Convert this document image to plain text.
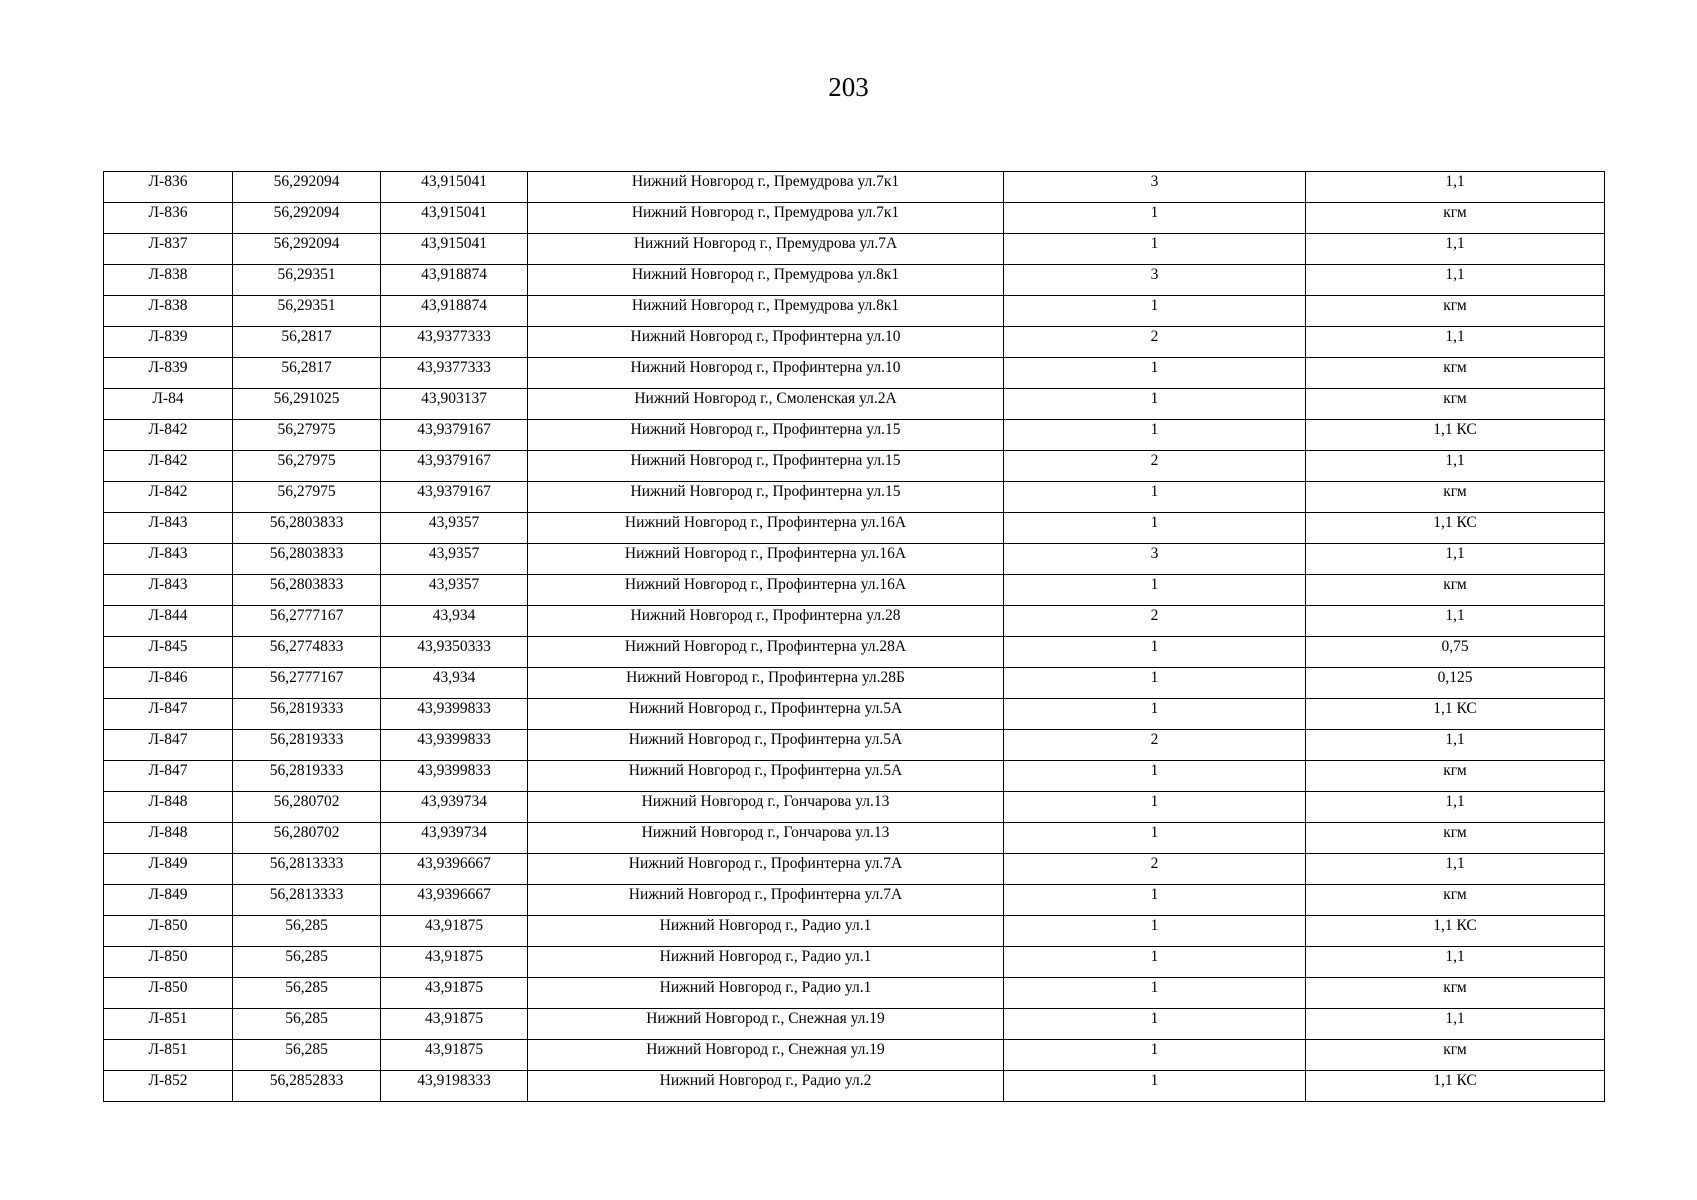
203
Л-836	56,292094	43,915041	Нижний Новгород г., Премудрова ул.7к1	3	1,1
Л-836	56,292094	43,915041	Нижний Новгород г., Премудрова ул.7к1	1	кгм
Л-837	56,292094	43,915041	Нижний Новгород г., Премудрова ул.7А	1	1,1
Л-838	56,29351	43,918874	Нижний Новгород г., Премудрова ул.8к1	3	1,1
Л-838	56,29351	43,918874	Нижний Новгород г., Премудрова ул.8к1	1	кгм
Л-839	56,2817	43,9377333	Нижний Новгород г., Профинтерна ул.10	2	1,1
Л-839	56,2817	43,9377333	Нижний Новгород г., Профинтерна ул.10	1	кгм
Л-84	56,291025	43,903137	Нижний Новгород г., Смоленская ул.2А	1	кгм
Л-842	56,27975	43,9379167	Нижний Новгород г., Профинтерна ул.15	1	1,1 КС
Л-842	56,27975	43,9379167	Нижний Новгород г., Профинтерна ул.15	2	1,1
Л-842	56,27975	43,9379167	Нижний Новгород г., Профинтерна ул.15	1	кгм
Л-843	56,2803833	43,9357	Нижний Новгород г., Профинтерна ул.16А	1	1,1 КС
Л-843	56,2803833	43,9357	Нижний Новгород г., Профинтерна ул.16А	3	1,1
Л-843	56,2803833	43,9357	Нижний Новгород г., Профинтерна ул.16А	1	кгм
Л-844	56,2777167	43,934	Нижний Новгород г., Профинтерна ул.28	2	1,1
Л-845	56,2774833	43,9350333	Нижний Новгород г., Профинтерна ул.28А	1	0,75
Л-846	56,2777167	43,934	Нижний Новгород г., Профинтерна ул.28Б	1	0,125
Л-847	56,2819333	43,9399833	Нижний Новгород г., Профинтерна ул.5А	1	1,1 КС
Л-847	56,2819333	43,9399833	Нижний Новгород г., Профинтерна ул.5А	2	1,1
Л-847	56,2819333	43,9399833	Нижний Новгород г., Профинтерна ул.5А	1	кгм
Л-848	56,280702	43,939734	Нижний Новгород г., Гончарова ул.13	1	1,1
Л-848	56,280702	43,939734	Нижний Новгород г., Гончарова ул.13	1	кгм
Л-849	56,2813333	43,9396667	Нижний Новгород г., Профинтерна ул.7А	2	1,1
Л-849	56,2813333	43,9396667	Нижний Новгород г., Профинтерна ул.7А	1	кгм
Л-850	56,285	43,91875	Нижний Новгород г., Радио ул.1	1	1,1 КС
Л-850	56,285	43,91875	Нижний Новгород г., Радио ул.1	1	1,1
Л-850	56,285	43,91875	Нижний Новгород г., Радио ул.1	1	кгм
Л-851	56,285	43,91875	Нижний Новгород г., Снежная ул.19	1	1,1
Л-851	56,285	43,91875	Нижний Новгород г., Снежная ул.19	1	кгм
Л-852	56,2852833	43,9198333	Нижний Новгород г., Радио ул.2	1	1,1 КС
